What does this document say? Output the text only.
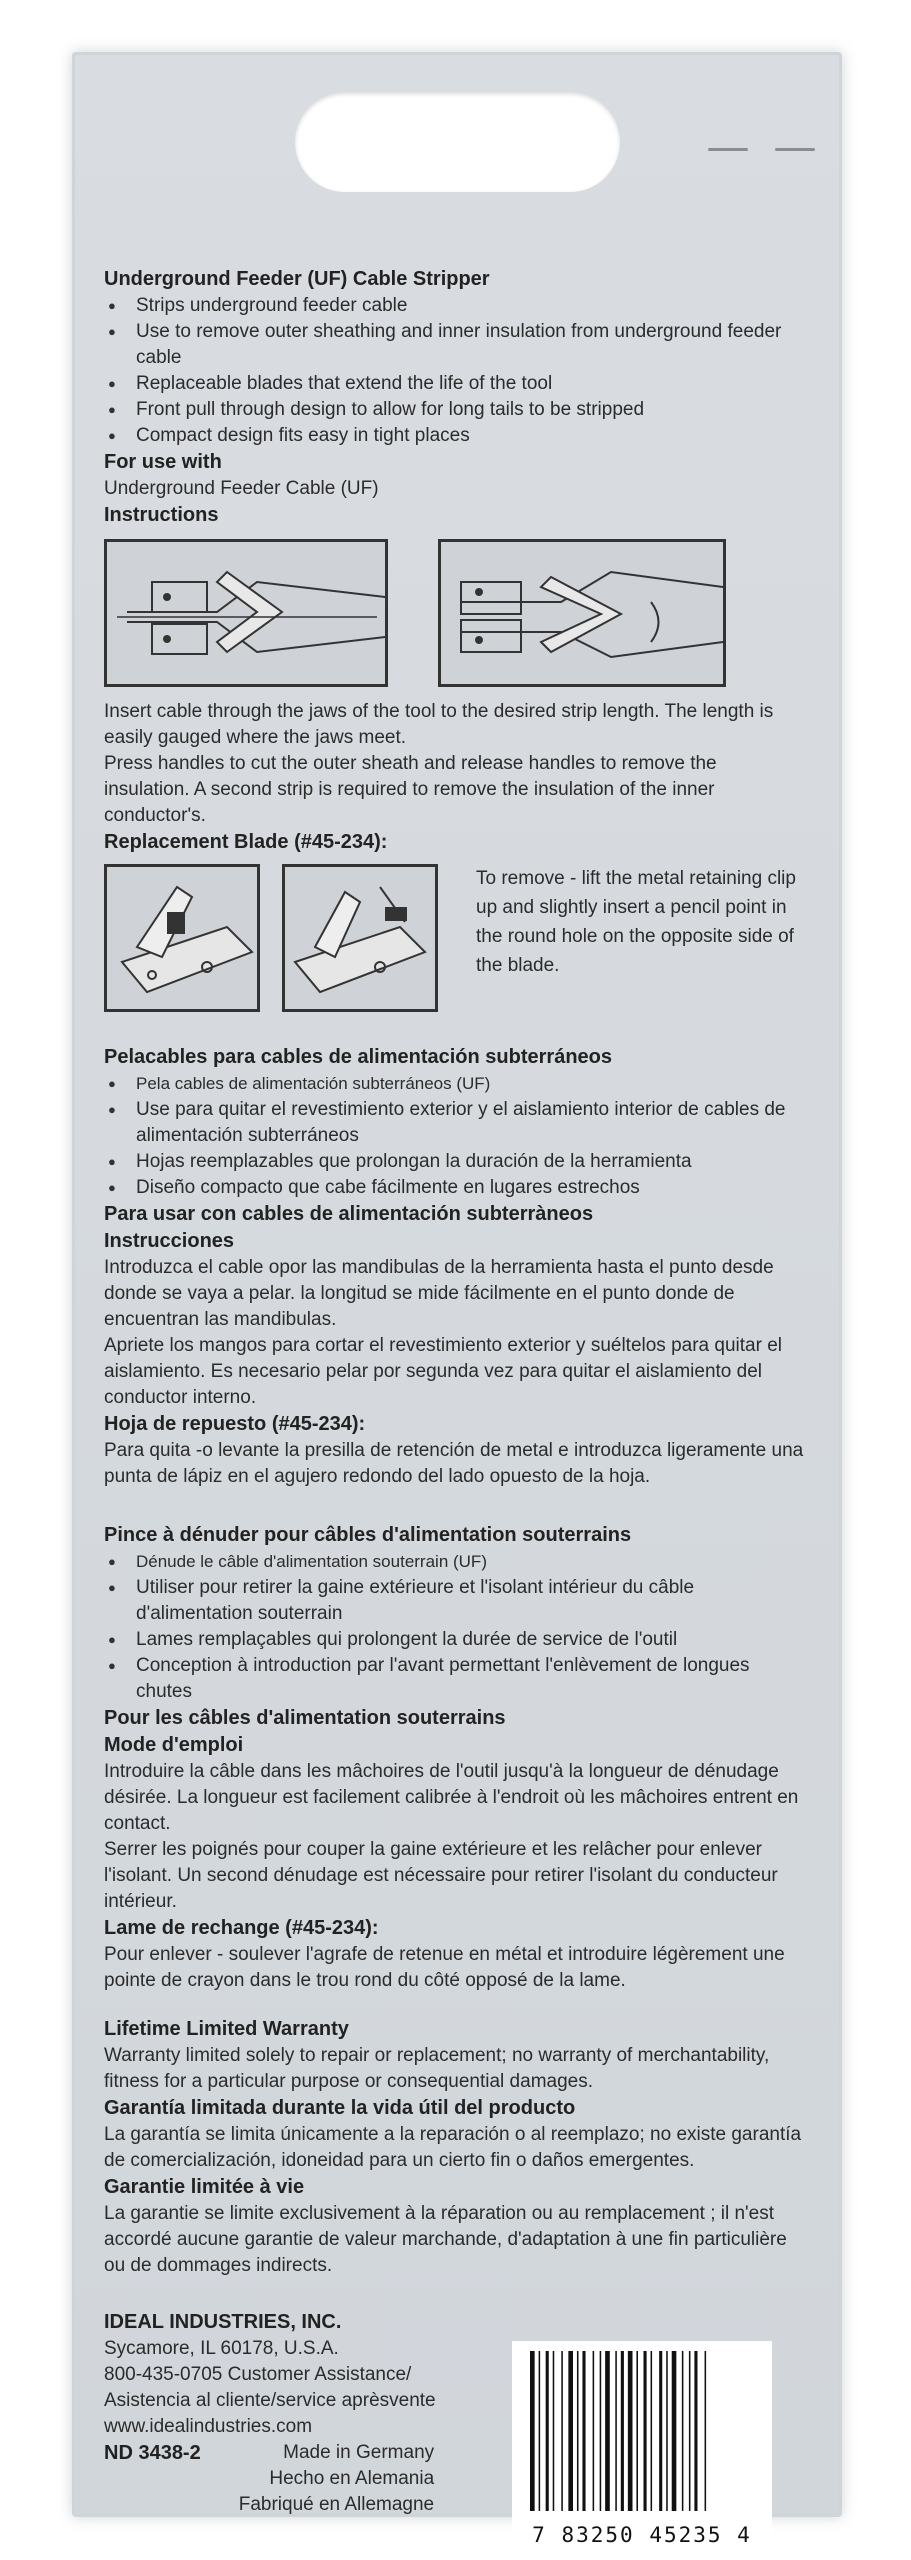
Underground Feeder (UF) Cable Stripper

● Strips underground feeder cable
● Use to remove outer sheathing and inner insulation from underground feeder cable
● Replaceable blades that extend the life of the tool
● Front pull through design to allow for long tails to be stripped
● Compact design fits easy in tight places

For use with

Underground Feeder Cable (UF)

Instructions

Insert cable through the jaws of the tool to the desired strip length. The length is easily gauged where the jaws meet.

Press handles to cut the outer sheath and release handles to remove the insulation. A second strip is required to remove the insulation of the inner conductor's.

Replacement Blade (#45-234):

To remove - lift the metal retaining clip up and slightly insert a pencil point in the round hole on the opposite side of the blade.

Pelacables para cables de alimentación subterráneos

● Pela cables de alimentación subterráneos (UF)
● Use para quitar el revestimiento exterior y el aislamiento interior de cables de alimentación subterráneos
● Hojas reemplazables que prolongan la duración de la herramienta
● Diseño compacto que cabe fácilmente en lugares estrechos

Para usar con cables de alimentación subterràneos

Instrucciones

Introduzca el cable opor las mandibulas de la herramienta hasta el punto desde donde se vaya a pelar. la longitud se mide fácilmente en el punto donde de encuentran las mandibulas.

Apriete los mangos para cortar el revestimiento exterior y suéltelos para quitar el aislamiento. Es necesario pelar por segunda vez para quitar el aislamiento del conductor interno.

Hoja de repuesto (#45-234):

Para quita -o levante la presilla de retención de metal e introduzca ligeramente una punta de lápiz en el agujero redondo del lado opuesto de la hoja.

Pince à dénuder pour câbles d'alimentation souterrains

● Dénude le câble d'alimentation souterrain (UF)
● Utiliser pour retirer la gaine extérieure et l'isolant intérieur du câble d'alimentation souterrain
● Lames remplaçables qui prolongent la durée de service de l'outil
● Conception à introduction par l'avant permettant l'enlèvement de longues chutes

Pour les câbles d'alimentation souterrains

Mode d'emploi

Introduire la câble dans les mâchoires de l'outil jusqu'à la longueur de dénudage désirée. La longueur est facilement calibrée à l'endroit où les mâchoires entrent en contact.

Serrer les poignés pour couper la gaine extérieure et les relâcher pour enlever l'isolant. Un second dénudage est nécessaire pour retirer l'isolant du conducteur intérieur.

Lame de rechange (#45-234):

Pour enlever - soulever l'agrafe de retenue en métal et introduire légèrement une pointe de crayon dans le trou rond du côté opposé de la lame.

Lifetime Limited Warranty

Warranty limited solely to repair or replacement; no warranty of merchantability, fitness for a particular purpose or consequential damages.

Garantía limitada durante la vida útil del producto

La garantía se limita únicamente a la reparación o al reemplazo; no existe garantía de comercialización, idoneidad para un cierto fin o daños emergentes.

Garantie limitée à vie

La garantie se limite exclusivement à la réparation ou au remplacement ; il n'est accordé aucune garantie de valeur marchande, d'adaptation à une fin particulière ou de dommages indirects.

IDEAL INDUSTRIES, INC.

Sycamore, IL 60178, U.S.A.

800-435-0705 Customer Assistance/

Asistencia al cliente/service aprèsvente

www.idealindustries.com

ND 3438-2	Made in Germany

Hecho en Alemania

Fabriqué en Allemagne

7 83250 45235 4
